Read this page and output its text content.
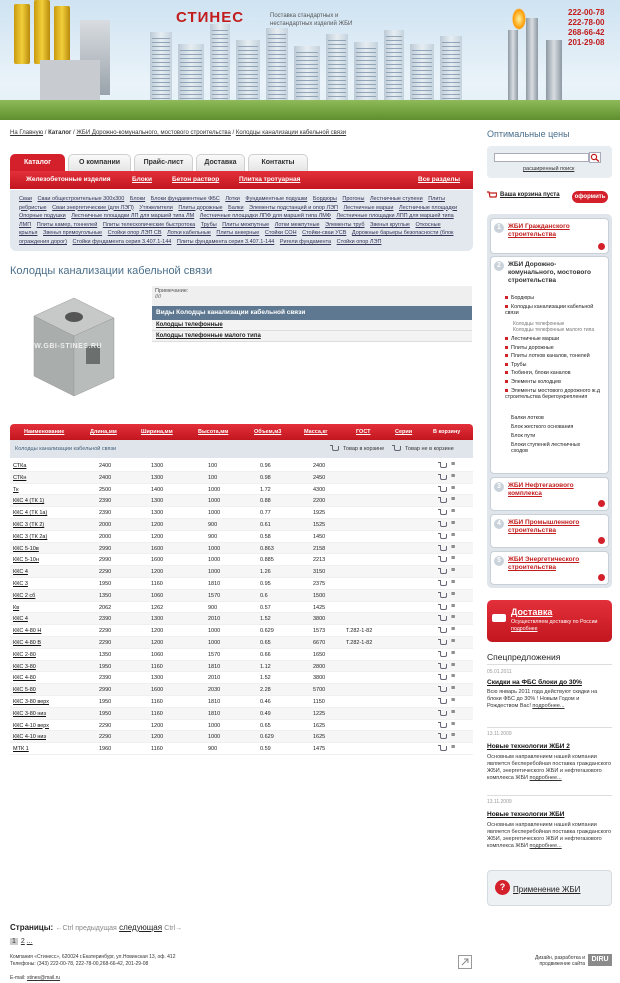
СТИНЕС	Поставка стандартных и нестандартных изделий ЖБИ
222-00-78
222-78-00
268-66-42
201-29-08
На Главную / Каталог / ЖБИ Дорожно-комунального, мостового строительства / Колодцы канализации кабельной связи
Каталог	О компании	Прайс-лист	Доставка	Контакты
Железобетонные изделия	Блоки	Бетон раствор	Плитка тротуарная	Все разделы
Сваи Сваи общестроительные 300х300 Блоки Блоки фундаментные ФБС Лотки Фундаментные подушки Бордюры Прогоны Лестничные ступени Плиты ребристые Сваи энергетические (для ЛЭП) Утяжелители Плиты дорожные Балки Элементы подстанций и опор ЛЭП Лестничные марши Лестничные площадки Опорные подушки Лестничные площадки ЛП для маршей типа ЛМ Лестничные площадки ЛПФ для маршей типа ЛМФ Лестничные площадки ЛПП для маршей типа ЛМП Плиты камер, тоннелей Плиты телескопические быстротока Трубы Плиты межпутные Лотки межпутные Элементы труб Звенья круглые Откосные крылья Звенья прямоугольные Стойки опор ЛЭП СВ Лотки кабельные Плиты анкерные Стойки СОН Стойки-сваи УСВ Дорожные барьеры безопасности (блок ограждения дорог) Стойки фундамента серия 3.407.1-144 Плиты фундамента серия 3.407.1-144 Ригели фундамента Стойки опор ЛЭП
Колодцы канализации кабельной связи
WWW.GBI-STINES.RU
Примечание:
////
Виды Колодцы канализации кабельной связи
Колодцы телефонные
Колодцы телефонные малого типа
Наименование	Длина,мм	Ширина,мм	Высота,мм	Объем,м3	Масса,кг	ГОСТ	Серии	В корзину
Колодцы канализации кабельной связи	Товар в корзине	Товар не в корзине
СТКа	2400	1300	100	0.96	2400	≡
СТКн	2400	1300	100	0.98	2450	≡
Тк	2500	1400	1000	1.72	4300	≡
ККС 4 (ТК 1)	2390	1300	1000	0.88	2200	≡
ККС 4 (ТК 1а)	2390	1300	1000	0.77	1925	≡
ККС 3 (ТК 2)	2000	1200	900	0.61	1525	≡
ККС 3 (ТК 2а)	2000	1200	900	0.58	1450	≡
ККС 5-10в	2990	1600	1000	0.863	2158	≡
ККС 5-10н	2990	1600	1000	0.885	2213	≡
ККС 4	2290	1200	1000	1.26	3150	≡
ККС 3	1950	1160	1810	0.95	2375	≡
ККС 2 сб	1350	1060	1570	0.6	1500	≡
Кв	2062	1262	900	0.57	1425	≡
ККС 4	2390	1300	2010	1.52	3800	≡
ККС 4-80 Н	2290	1200	1000	0.629	1573	Т.282-1-82	≡
ККС 4-80 В	2290	1200	1000	0.65	6670	Т.282-1-82	≡
ККС 2-80	1350	1060	1570	0.66	1650	≡
ККС 3-80	1950	1160	1810	1.12	2800	≡
ККС 4-80	2390	1300	2010	1.52	3800	≡
ККС 5-80	2990	1600	2030	2.28	5700	≡
ККС 3-80 верх	1950	1160	1810	0.46	1150	≡
ККС 3-80 низ	1950	1160	1810	0.49	1225	≡
ККС 4-10 верх	2290	1200	1000	0.65	1625	≡
ККС 4-10 низ	2290	1200	1000	0.629	1625	≡
МТК 1	1960	1160	900	0.59	1475	≡
Страницы: ←Ctrl предыдущая следующая Ctrl→
1 2 ...
Компания «Стинесс», 620024 г.Екатеринбург, ул.Новинская 13, оф. 412
Телефоны: (343) 222-00-78, 222-78-00,268-66-42, 201-29-08
E-mail: stines@mail.ru
Дизайн, разработка и продвижение сайта
DIRU
Оптимальные цены
расширенный поиск
Ваша корзина пуста	оформить
1	ЖБИ Гражданского строительства
2	ЖБИ Дорожно-комунального, мостового строительства
Бордюры
Колодцы канализации кабельной связи
Колодцы телефонные
Колодцы телефонные малого типа
Лестничные марши
Плиты дорожные
Плиты лотков каналов, тонелей
Трубы
Тюбинги, блоки каналов
Элементы колодцев
Элементы мостового дорожного ж.д строительства берегоукрепления
Балки лотков
Блок жесткого основания
Блок пути
Блоки ступеней лестничных сходов
3	ЖБИ Нефтегазового комплекса
4	ЖБИ Промышленного строительства
5	ЖБИ Энергетического строительства
Доставка
Осуществляем доставку по России подробнее
Спецпредложения
05.01.2011
Скидки на ФБС блоки до 30%
Всю январь 2011 года действуют скидки на блоки ФБС до 30% ! Новым Годом и Рождеством Вас! подробнее...
13.11.2009
Новые технологии ЖБИ 2
Основным направлением нашей компании является бесперебойная поставка гражданского ЖБИ, энергетического ЖБИ и нефтегазового комплекса ЖБИ подробнее...
13.11.2009
Новые технологии ЖБИ
Основным направлением нашей компании является бесперебойная поставка гражданского ЖБИ, энергетического ЖБИ и нефтегазового комплекса ЖБИ подробнее...
? Применение ЖБИ
